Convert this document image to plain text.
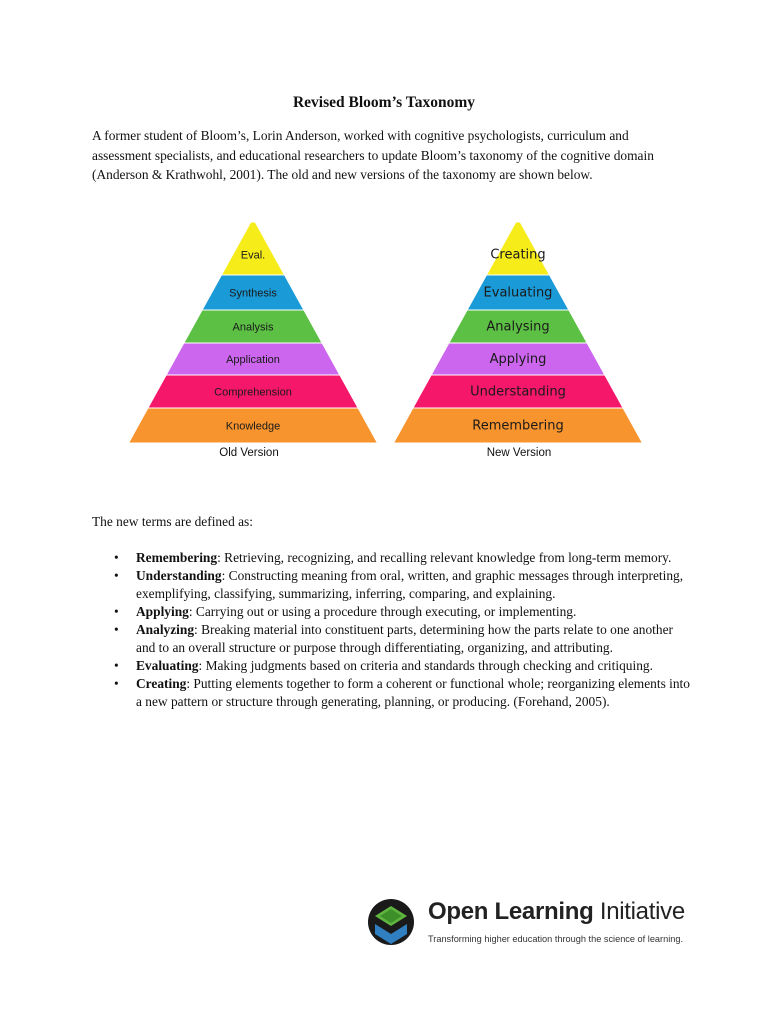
Revised Bloom’s Taxonomy

A former student of Bloom’s, Lorin Anderson, worked with cognitive psychologists, curriculum and assessment specialists, and educational researchers to update Bloom’s taxonomy of the cognitive domain (Anderson & Krathwohl, 2001). The old and new versions of the taxonomy are shown below.

Eval.
Synthesis
Analysis
Application
Comprehension
Knowledge
Old Version
Creating
Evaluating
Analysing
Applying
Understanding
Remembering
New Version
The new terms are defined as:
• Remembering: Retrieving, recognizing, and recalling relevant knowledge from long-term memory.
• Understanding: Constructing meaning from oral, written, and graphic messages through interpreting, exemplifying, classifying, summarizing, inferring, comparing, and explaining.
• Applying: Carrying out or using a procedure through executing, or implementing.
• Analyzing: Breaking material into constituent parts, determining how the parts relate to one another and to an overall structure or purpose through differentiating, organizing, and attributing.
• Evaluating: Making judgments based on criteria and standards through checking and critiquing.
• Creating: Putting elements together to form a coherent or functional whole; reorganizing elements into a new pattern or structure through generating, planning, or producing. (Forehand, 2005).
Open Learning Initiative
Transforming higher education through the science of learning.
